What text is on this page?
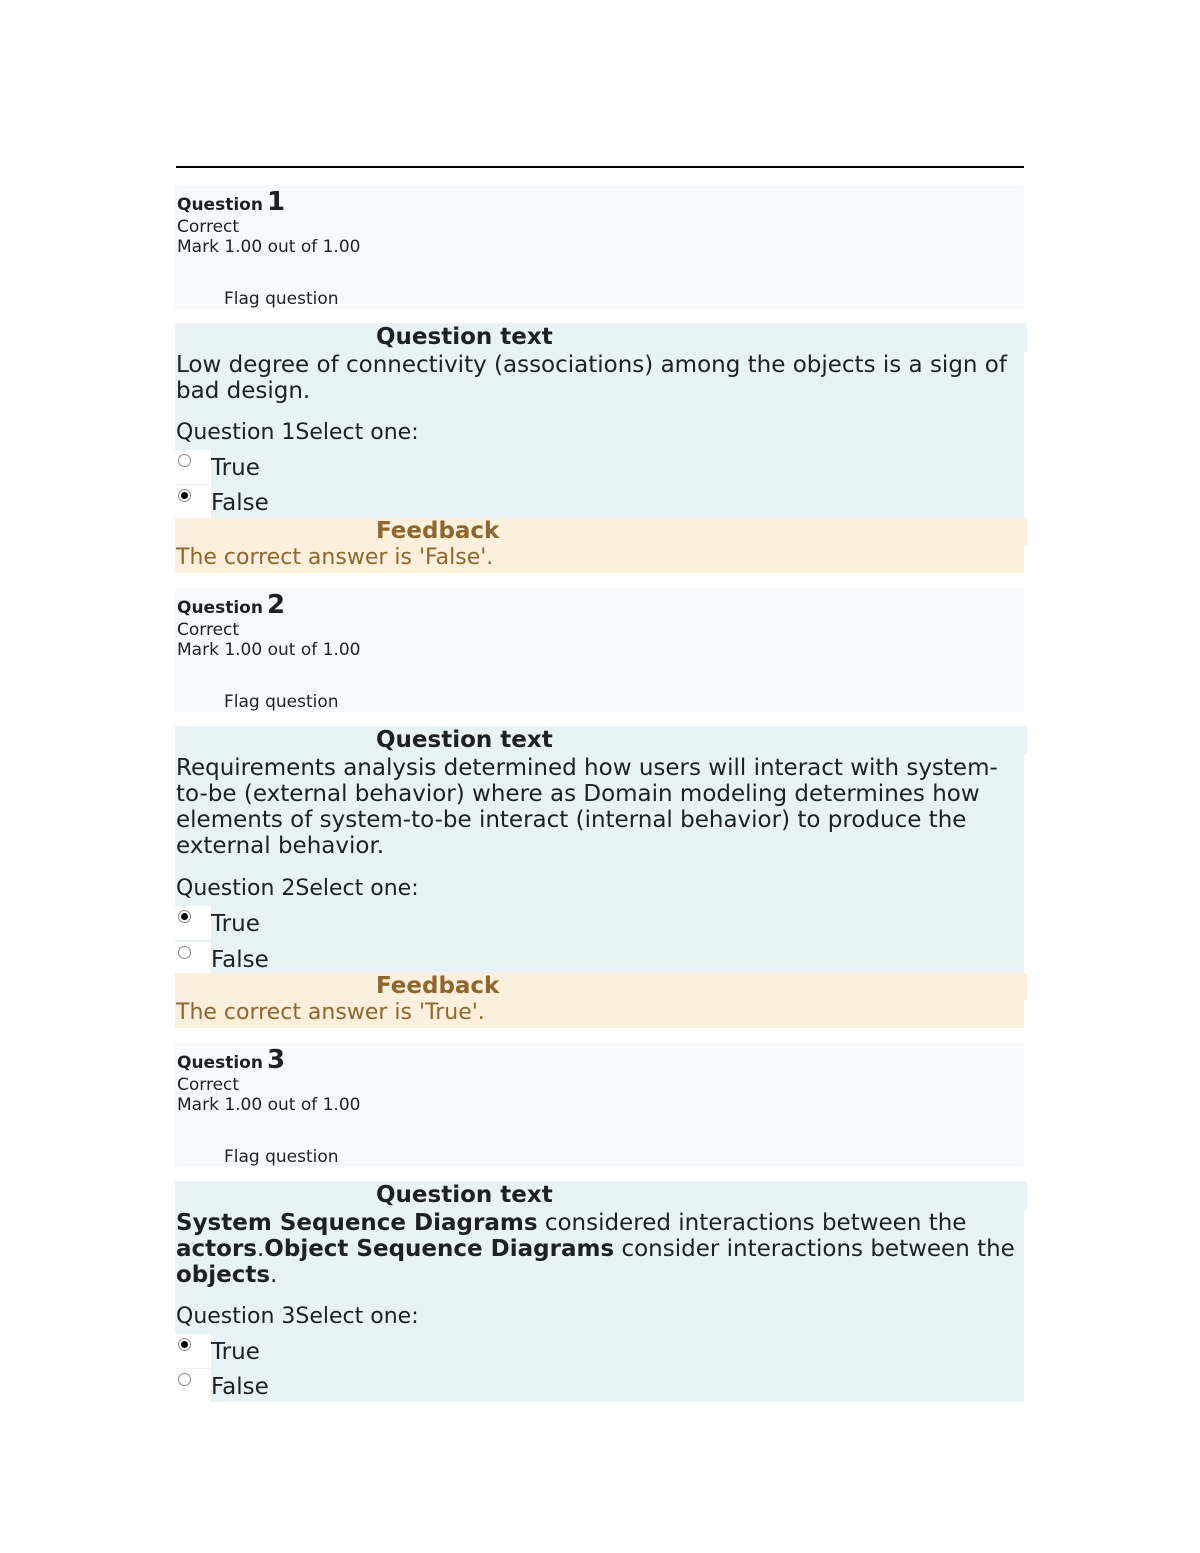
Question 1
Correct
Mark 1.00 out of 1.00
Flag question
Question text
Low degree of connectivity (associations) among the objects is a sign of bad design.
Question 1Select one:
True
False
Feedback
The correct answer is 'False'.
Question 2
Correct
Mark 1.00 out of 1.00
Flag question
Question text
Requirements analysis determined how users will interact with system-to-be (external behavior) where as Domain modeling determines how elements of system-to-be interact (internal behavior) to produce the external behavior.
Question 2Select one:
True
False
Feedback
The correct answer is 'True'.
Question 3
Correct
Mark 1.00 out of 1.00
Flag question
Question text
System Sequence Diagrams considered interactions between the actors.Object Sequence Diagrams consider interactions between the objects.
Question 3Select one:
True
False
